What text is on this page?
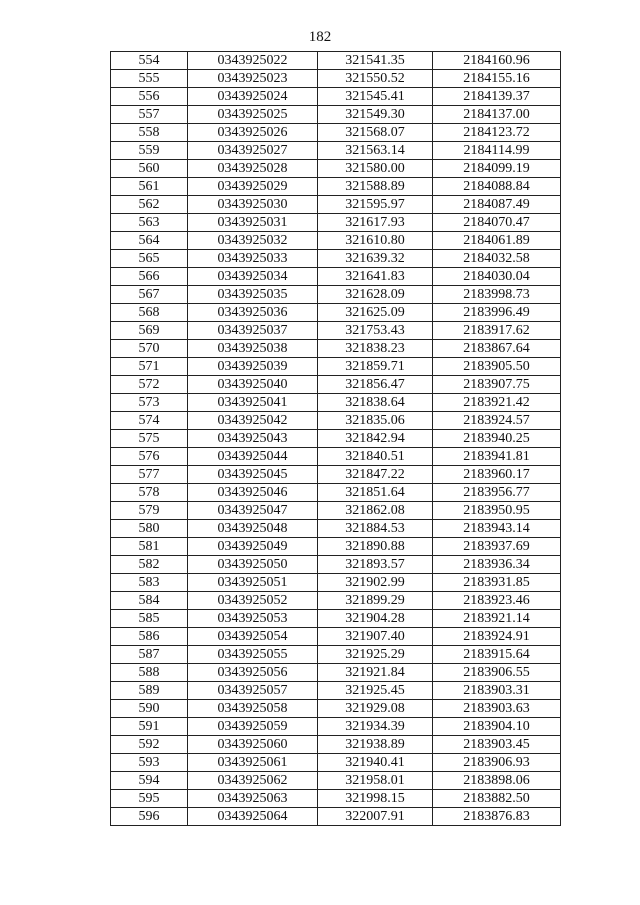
182
554	0343925022	321541.35	2184160.96
555	0343925023	321550.52	2184155.16
556	0343925024	321545.41	2184139.37
557	0343925025	321549.30	2184137.00
558	0343925026	321568.07	2184123.72
559	0343925027	321563.14	2184114.99
560	0343925028	321580.00	2184099.19
561	0343925029	321588.89	2184088.84
562	0343925030	321595.97	2184087.49
563	0343925031	321617.93	2184070.47
564	0343925032	321610.80	2184061.89
565	0343925033	321639.32	2184032.58
566	0343925034	321641.83	2184030.04
567	0343925035	321628.09	2183998.73
568	0343925036	321625.09	2183996.49
569	0343925037	321753.43	2183917.62
570	0343925038	321838.23	2183867.64
571	0343925039	321859.71	2183905.50
572	0343925040	321856.47	2183907.75
573	0343925041	321838.64	2183921.42
574	0343925042	321835.06	2183924.57
575	0343925043	321842.94	2183940.25
576	0343925044	321840.51	2183941.81
577	0343925045	321847.22	2183960.17
578	0343925046	321851.64	2183956.77
579	0343925047	321862.08	2183950.95
580	0343925048	321884.53	2183943.14
581	0343925049	321890.88	2183937.69
582	0343925050	321893.57	2183936.34
583	0343925051	321902.99	2183931.85
584	0343925052	321899.29	2183923.46
585	0343925053	321904.28	2183921.14
586	0343925054	321907.40	2183924.91
587	0343925055	321925.29	2183915.64
588	0343925056	321921.84	2183906.55
589	0343925057	321925.45	2183903.31
590	0343925058	321929.08	2183903.63
591	0343925059	321934.39	2183904.10
592	0343925060	321938.89	2183903.45
593	0343925061	321940.41	2183906.93
594	0343925062	321958.01	2183898.06
595	0343925063	321998.15	2183882.50
596	0343925064	322007.91	2183876.83
